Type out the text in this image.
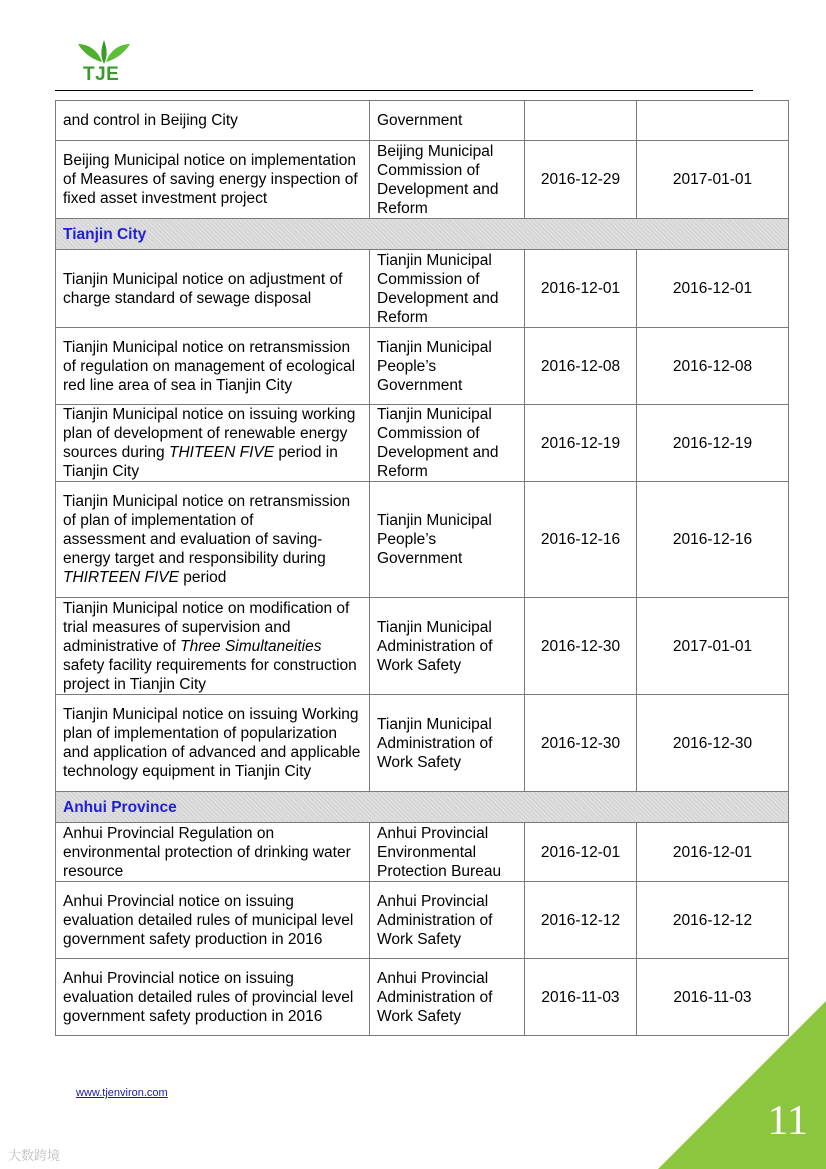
TJE
and control in Beijing City	Government		
Beijing Municipal notice on implementation of Measures of saving energy inspection of fixed asset investment project	Beijing Municipal Commission of Development and Reform	2016-12-29	2017-01-01
Tianjin City			
Tianjin Municipal notice on adjustment of charge standard of sewage disposal	Tianjin Municipal Commission of Development and Reform	2016-12-01	2016-12-01
Tianjin Municipal notice on retransmission of regulation on management of ecological red line area of sea in Tianjin City	Tianjin Municipal People’s Government	2016-12-08	2016-12-08
Tianjin Municipal notice on issuing working plan of development of renewable energy sources during THITEEN FIVE period in Tianjin City	Tianjin Municipal Commission of Development and Reform	2016-12-19	2016-12-19
Tianjin Municipal notice on retransmission of plan of implementation of
assessment and evaluation of saving-energy target and responsibility during THIRTEEN FIVE period	Tianjin Municipal People’s Government	2016-12-16	2016-12-16
Tianjin Municipal notice on modification of trial measures of supervision and administrative of Three Simultaneities safety facility requirements for construction project in Tianjin City	Tianjin Municipal Administration of Work Safety	2016-12-30	2017-01-01
Tianjin Municipal notice on issuing Working plan of implementation of popularization and application of advanced and applicable technology equipment in Tianjin City	Tianjin Municipal Administration of Work Safety	2016-12-30	2016-12-30
Anhui Province			
Anhui Provincial Regulation on environmental protection of drinking water resource	Anhui Provincial Environmental Protection Bureau	2016-12-01	2016-12-01
Anhui Provincial notice on issuing evaluation detailed rules of municipal level government safety production in 2016	Anhui Provincial Administration of Work Safety	2016-12-12	2016-12-12
Anhui Provincial notice on issuing evaluation detailed rules of provincial level government safety production in 2016	Anhui Provincial Administration of Work Safety	2016-11-03	2016-11-03
www.tjenviron.com
11
大数跨境
